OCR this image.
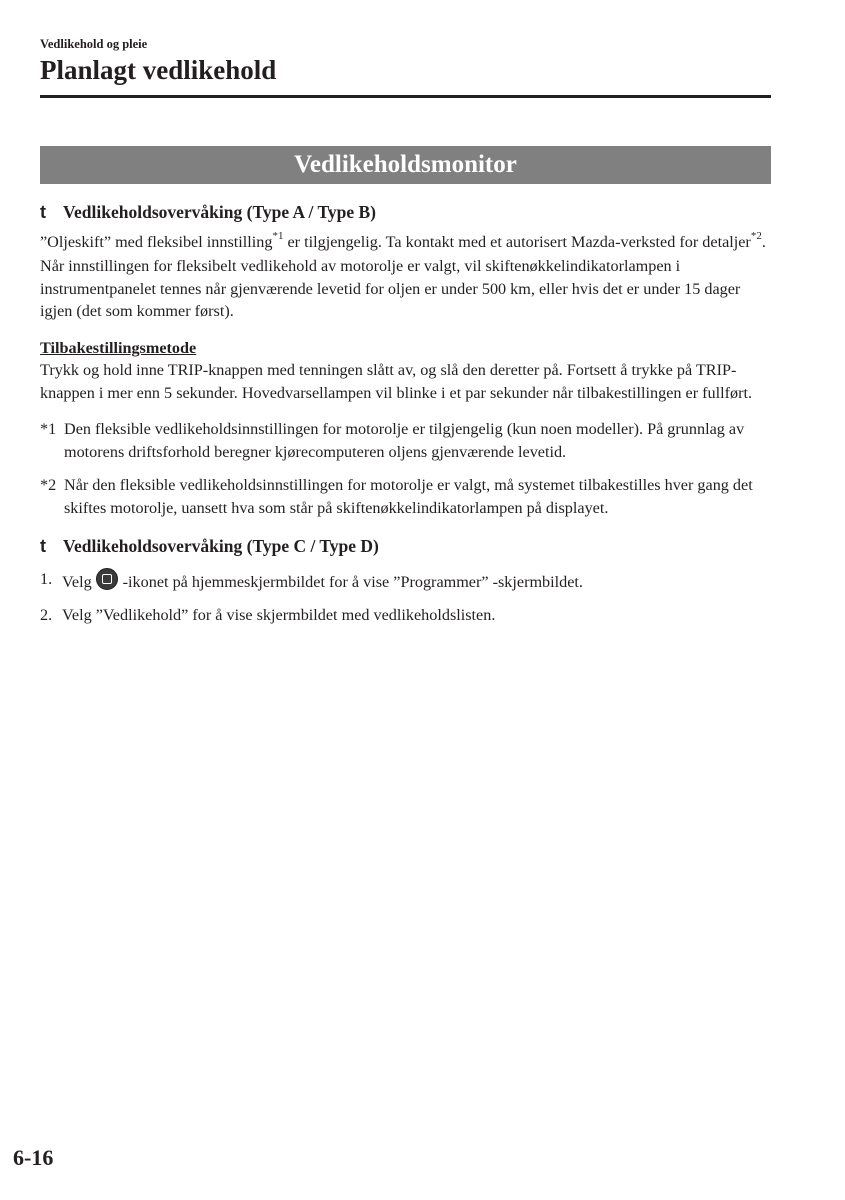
Vedlikehold og pleie
Planlagt vedlikehold
Vedlikeholdsmonitor
t Vedlikeholdsovervåking (Type A / Type B)

”Oljeskift” med fleksibel innstilling$^{*1}$ er tilgjengelig. Ta kontakt med et autorisert Mazda-verksted for detaljer$^{*2}$. Når innstillingen for fleksibelt vedlikehold av motorolje er valgt, vil skiftenøkkelindikatorlampen i instrumentpanelet tennes når gjenværende levetid for oljen er under 500 km, eller hvis det er under 15 dager igjen (det som kommer først).

Tilbakestillingsmetode

Trykk og hold inne TRIP-knappen med tenningen slått av, og slå den deretter på. Fortsett å trykke på TRIP-knappen i mer enn 5 sekunder. Hovedvarsellampen vil blinke i et par sekunder når tilbakestillingen er fullført.

*1 Den fleksible vedlikeholdsinnstillingen for motorolje er tilgjengelig (kun noen modeller). På grunnlag av motorens driftsforhold beregner kjørecomputeren oljens gjenværende levetid.
*2 Når den fleksible vedlikeholdsinnstillingen for motorolje er valgt, må systemet tilbakestilles hver gang det skiftes motorolje, uansett hva som står på skiftenøkkelindikatorlampen på displayet.
t Vedlikeholdsovervåking (Type C / Type D)
1. Velg -ikonet på hjemmeskjermbildet for å vise ”Programmer” -skjermbildet.
2. Velg ”Vedlikehold” for å vise skjermbildet med vedlikeholdslisten.
6-16
